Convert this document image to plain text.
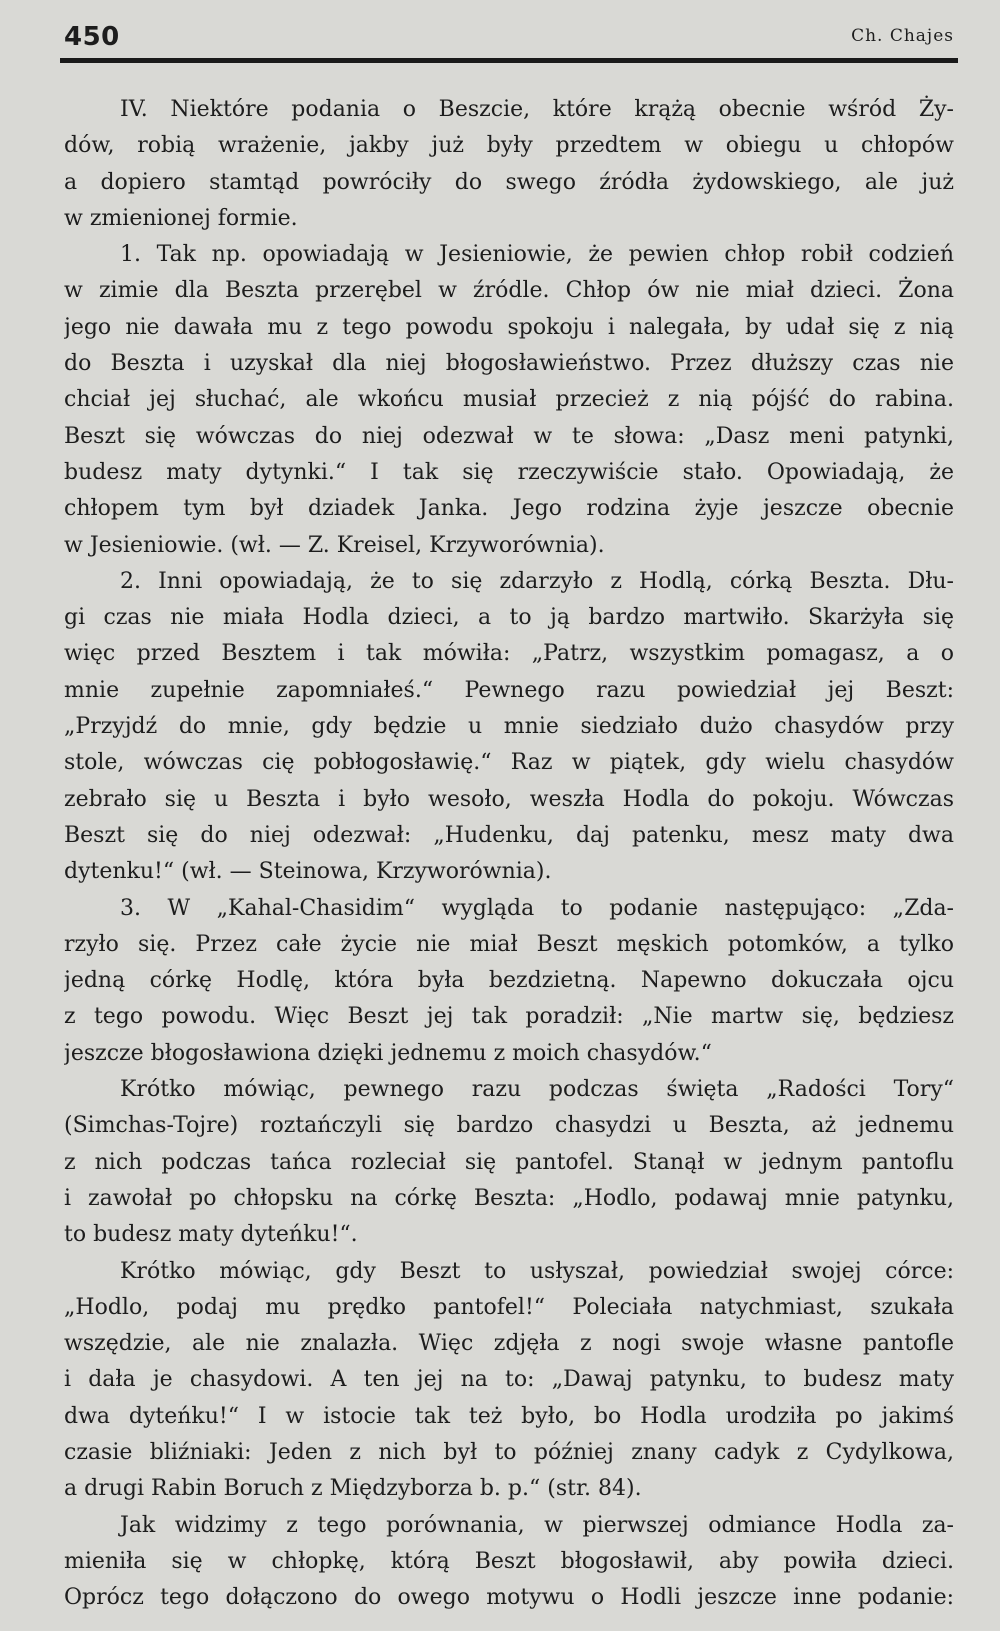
450	Ch. Chajes
IV. Niektóre podania o Beszcie, które krążą obecnie wśród Ży-
dów, robią wrażenie, jakby już były przedtem w obiegu u chłopów
a dopiero stamtąd powróciły do swego źródła żydowskiego, ale już
w zmienionej formie.
1. Tak np. opowiadają w Jesieniowie, że pewien chłop robił codzień
w zimie dla Beszta przerębel w źródle. Chłop ów nie miał dzieci. Żona
jego nie dawała mu z tego powodu spokoju i nalegała, by udał się z nią
do Beszta i uzyskał dla niej błogosławieństwo. Przez dłuższy czas nie
chciał jej słuchać, ale wkońcu musiał przecież z nią pójść do rabina.
Beszt się wówczas do niej odezwał w te słowa: „Dasz meni patynki,
budesz maty dytynki.“ I tak się rzeczywiście stało. Opowiadają, że
chłopem tym był dziadek Janka. Jego rodzina żyje jeszcze obecnie
w Jesieniowie. (wł. — Z. Kreisel, Krzyworównia).
2. Inni opowiadają, że to się zdarzyło z Hodlą, córką Beszta. Dłu-
gi czas nie miała Hodla dzieci, a to ją bardzo martwiło. Skarżyła się
więc przed Besztem i tak mówiła: „Patrz, wszystkim pomagasz, a o
mnie zupełnie zapomniałeś.“ Pewnego razu powiedział jej Beszt:
„Przyjdź do mnie, gdy będzie u mnie siedziało dużo chasydów przy
stole, wówczas cię pobłogosławię.“ Raz w piątek, gdy wielu chasydów
zebrało się u Beszta i było wesoło, weszła Hodla do pokoju. Wówczas
Beszt się do niej odezwał: „Hudenku, daj patenku, mesz maty dwa
dytenku!“ (wł. — Steinowa, Krzyworównia).
3. W „Kahal-Chasidim“ wygląda to podanie następująco: „Zda-
rzyło się. Przez całe życie nie miał Beszt męskich potomków, a tylko
jedną córkę Hodlę, która była bezdzietną. Napewno dokuczała ojcu
z tego powodu. Więc Beszt jej tak poradził: „Nie martw się, będziesz
jeszcze błogosławiona dzięki jednemu z moich chasydów.“
Krótko mówiąc, pewnego razu podczas święta „Radości Tory“
(Simchas-Tojre) roztańczyli się bardzo chasydzi u Beszta, aż jednemu
z nich podczas tańca rozleciał się pantofel. Stanął w jednym pantoflu
i zawołał po chłopsku na córkę Beszta: „Hodlo, podawaj mnie patynku,
to budesz maty dyteńku!“.
Krótko mówiąc, gdy Beszt to usłyszał, powiedział swojej córce:
„Hodlo, podaj mu prędko pantofel!“ Poleciała natychmiast, szukała
wszędzie, ale nie znalazła. Więc zdjęła z nogi swoje własne pantofle
i dała je chasydowi. A ten jej na to: „Dawaj patynku, to budesz maty
dwa dyteńku!“ I w istocie tak też było, bo Hodla urodziła po jakimś
czasie bliźniaki: Jeden z nich był to później znany cadyk z Cydylkowa,
a drugi Rabin Boruch z Międzyborza b. p.“ (str. 84).
Jak widzimy z tego porównania, w pierwszej odmiance Hodla za-
mieniła się w chłopkę, którą Beszt błogosławił, aby powiła dzieci.
Oprócz tego dołączono do owego motywu o Hodli jeszcze inne podanie:
